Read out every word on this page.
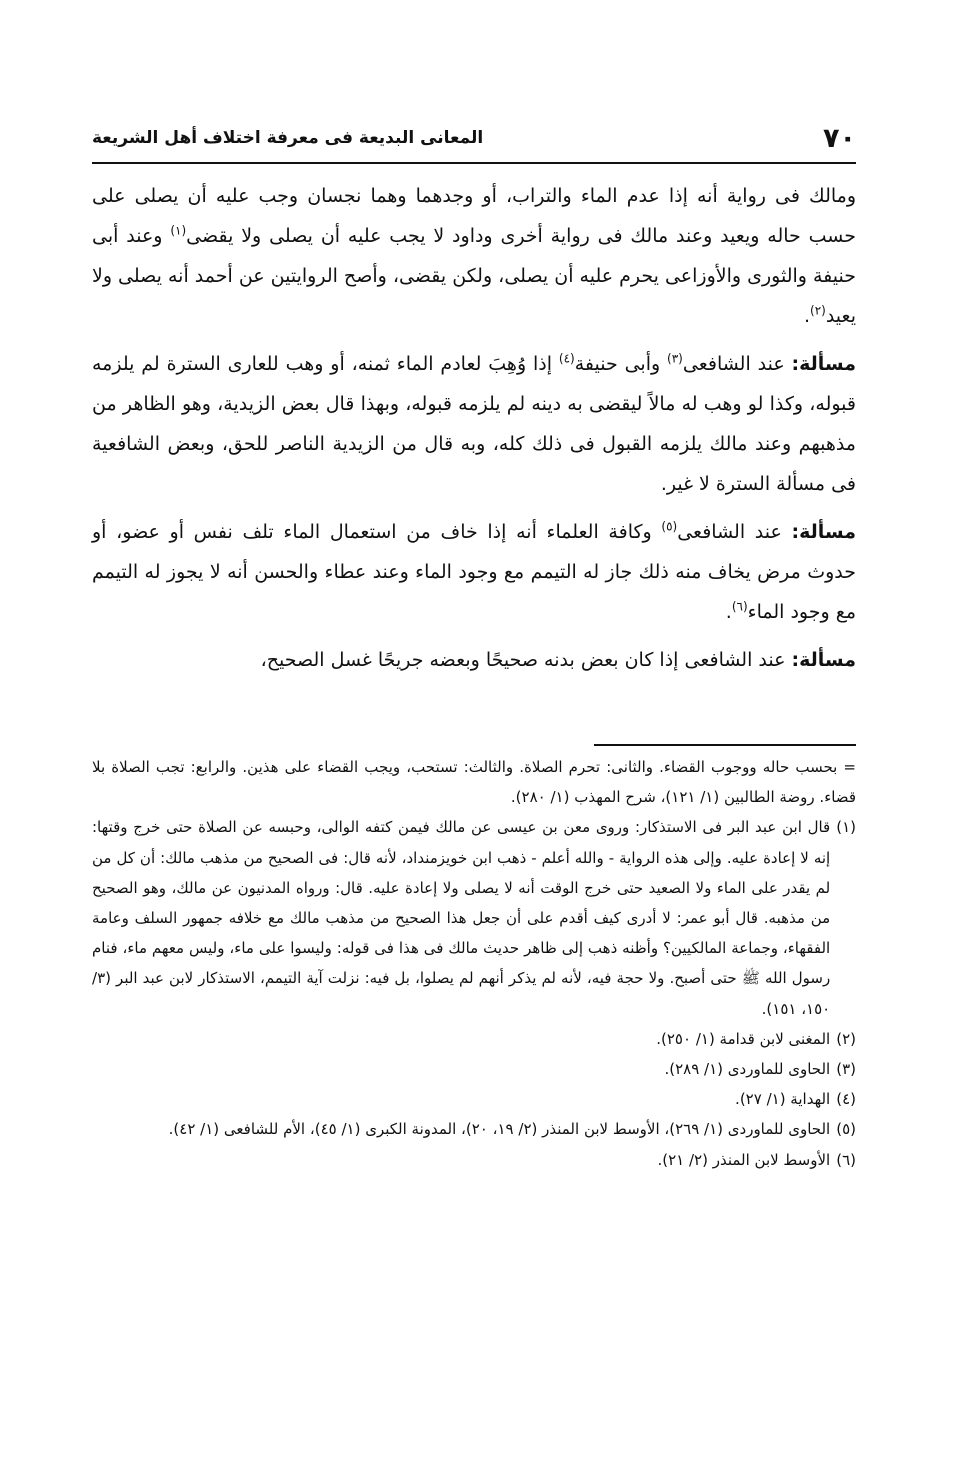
٧٠
المعانى البديعة فى معرفة اختلاف أهل الشريعة

ومالك فى رواية أنه إذا عدم الماء والتراب، أو وجدهما وهما نجسان وجب عليه أن يصلى على حسب حاله ويعيد وعند مالك فى رواية أخرى وداود لا يجب عليه أن يصلى ولا يقضى$^{(١)}$ وعند أبى حنيفة والثورى والأوزاعى يحرم عليه أن يصلى، ولكن يقضى، وأصح الروايتين عن أحمد أنه يصلى ولا يعيد$^{(٢)}$.

مسألة: عند الشافعى$^{(٣)}$ وأبى حنيفة$^{(٤)}$ إذا وُهِبَ لعادم الماء ثمنه، أو وهب للعارى السترة لم يلزمه قبوله، وكذا لو وهب له مالاً ليقضى به دينه لم يلزمه قبوله، وبهذا قال بعض الزيدية، وهو الظاهر من مذهبهم وعند مالك يلزمه القبول فى ذلك كله، وبه قال من الزيدية الناصر للحق، وبعض الشافعية فى مسألة السترة لا غير.

مسألة: عند الشافعى$^{(٥)}$ وكافة العلماء أنه إذا خاف من استعمال الماء تلف نفس أو عضو، أو حدوث مرض يخاف منه ذلك جاز له التيمم مع وجود الماء وعند عطاء والحسن أنه لا يجوز له التيمم مع وجود الماء$^{(٦)}$.

مسألة: عند الشافعى إذا كان بعض بدنه صحيحًا وبعضه جريحًا غسل الصحيح،

= بحسب حاله ووجوب القضاء. والثانى: تحرم الصلاة. والثالث: تستحب، ويجب القضاء على هذين. والرابع: تجب الصلاة بلا قضاء. روضة الطالبين (١/ ١٢١)، شرح المهذب (١/ ٢٨٠).
(١)
قال ابن عبد البر فى الاستذكار: وروى معن بن عيسى عن مالك فيمن كتفه الوالى، وحبسه عن الصلاة حتى خرج وقتها: إنه لا إعادة عليه. وإلى هذه الرواية - والله أعلم - ذهب ابن خويزمنداد، لأنه قال: فى الصحيح من مذهب مالك: أن كل من لم يقدر على الماء ولا الصعيد حتى خرج الوقت أنه لا يصلى ولا إعادة عليه. قال: ورواه المدنيون عن مالك، وهو الصحيح من مذهبه. قال أبو عمر: لا أدرى كيف أقدم على أن جعل هذا الصحيح من مذهب مالك مع خلافه جمهور السلف وعامة الفقهاء، وجماعة المالكيين؟ وأظنه ذهب إلى ظاهر حديث مالك فى هذا فى قوله: وليسوا على ماء، وليس معهم ماء، فنام رسول الله ﷺ حتى أصبح. ولا حجة فيه، لأنه لم يذكر أنهم لم يصلوا، بل فيه: نزلت آية التيمم، الاستذكار لابن عبد البر (٣/ ١٥٠، ١٥١).
(٢)
المغنى لابن قدامة (١/ ٢٥٠).
(٣)
الحاوى للماوردى (١/ ٢٨٩).
(٤)
الهداية (١/ ٢٧).
(٥)
الحاوى للماوردى (١/ ٢٦٩)، الأوسط لابن المنذر (٢/ ١٩، ٢٠)، المدونة الكبرى (١/ ٤٥)، الأم للشافعى (١/ ٤٢).
(٦)
الأوسط لابن المنذر (٢/ ٢١).
